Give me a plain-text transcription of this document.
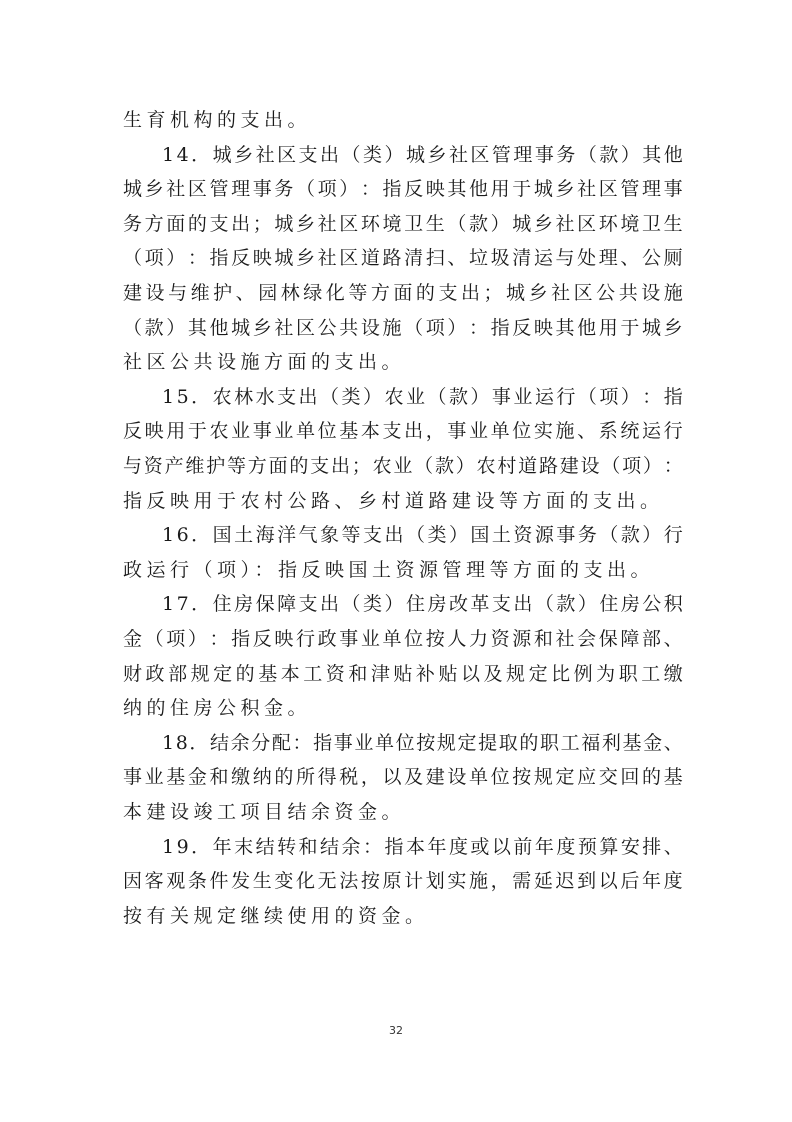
生育机构的支出。
1 4 ． 城 乡 社 区 支 出 （ 类 ） 城 乡 社 区 管 理 事 务 （ 款 ） 其 他
城 乡 社 区 管 理 事 务 （ 项 ） ： 指 反 映 其 他 用 于 城 乡 社 区 管 理 事
务 方 面 的 支 出 ； 城 乡 社 区 环 境 卫 生 （ 款 ） 城 乡 社 区 环 境 卫 生
（ 项 ） ： 指 反 映 城 乡 社 区 道 路 清 扫 、 垃 圾 清 运 与 处 理 、 公 厕
建 设 与 维 护 、 园 林 绿 化 等 方 面 的 支 出 ； 城 乡 社 区 公 共 设 施
（ 款 ） 其 他 城 乡 社 区 公 共 设 施 （ 项 ） ： 指 反 映 其 他 用 于 城 乡
社区公共设施方面的支出。
1 5 ． 农 林 水 支 出 （ 类 ） 农 业 （ 款 ） 事 业 运 行 （ 项 ） ： 指
反 映 用 于 农 业 事 业 单 位 基 本 支 出 ， 事 业 单 位 实 施 、 系 统 运 行
与 资 产 维 护 等 方 面 的 支 出 ； 农 业 （ 款 ） 农 村 道 路 建 设 （ 项 ） ：
指反映用于农村公路、乡村道路建设等方面的支出。
1 6 ． 国 土 海 洋 气 象 等 支 出 （ 类 ） 国 土 资 源 事 务 （ 款 ） 行
政运行（项）：指反映国土资源管理等方面的支出。
1 7 ． 住 房 保 障 支 出 （ 类 ） 住 房 改 革 支 出 （ 款 ） 住 房 公 积
金 （ 项 ） ： 指 反 映 行 政 事 业 单 位 按 人 力 资 源 和 社 会 保 障 部 、
财 政 部 规 定 的 基 本 工 资 和 津 贴 补 贴 以 及 规 定 比 例 为 职 工 缴
纳的住房公积金。
1 8 ． 结 余 分 配 ： 指 事 业 单 位 按 规 定 提 取 的 职 工 福 利 基 金 、
事 业 基 金 和 缴 纳 的 所 得 税 ， 以 及 建 设 单 位 按 规 定 应 交 回 的 基
本建设竣工项目结余资金。
1 9 ． 年 末 结 转 和 结 余 ： 指 本 年 度 或 以 前 年 度 预 算 安 排 、
因 客 观 条 件 发 生 变 化 无 法 按 原 计 划 实 施 ， 需 延 迟 到 以 后 年 度
按有关规定继续使用的资金。
32
